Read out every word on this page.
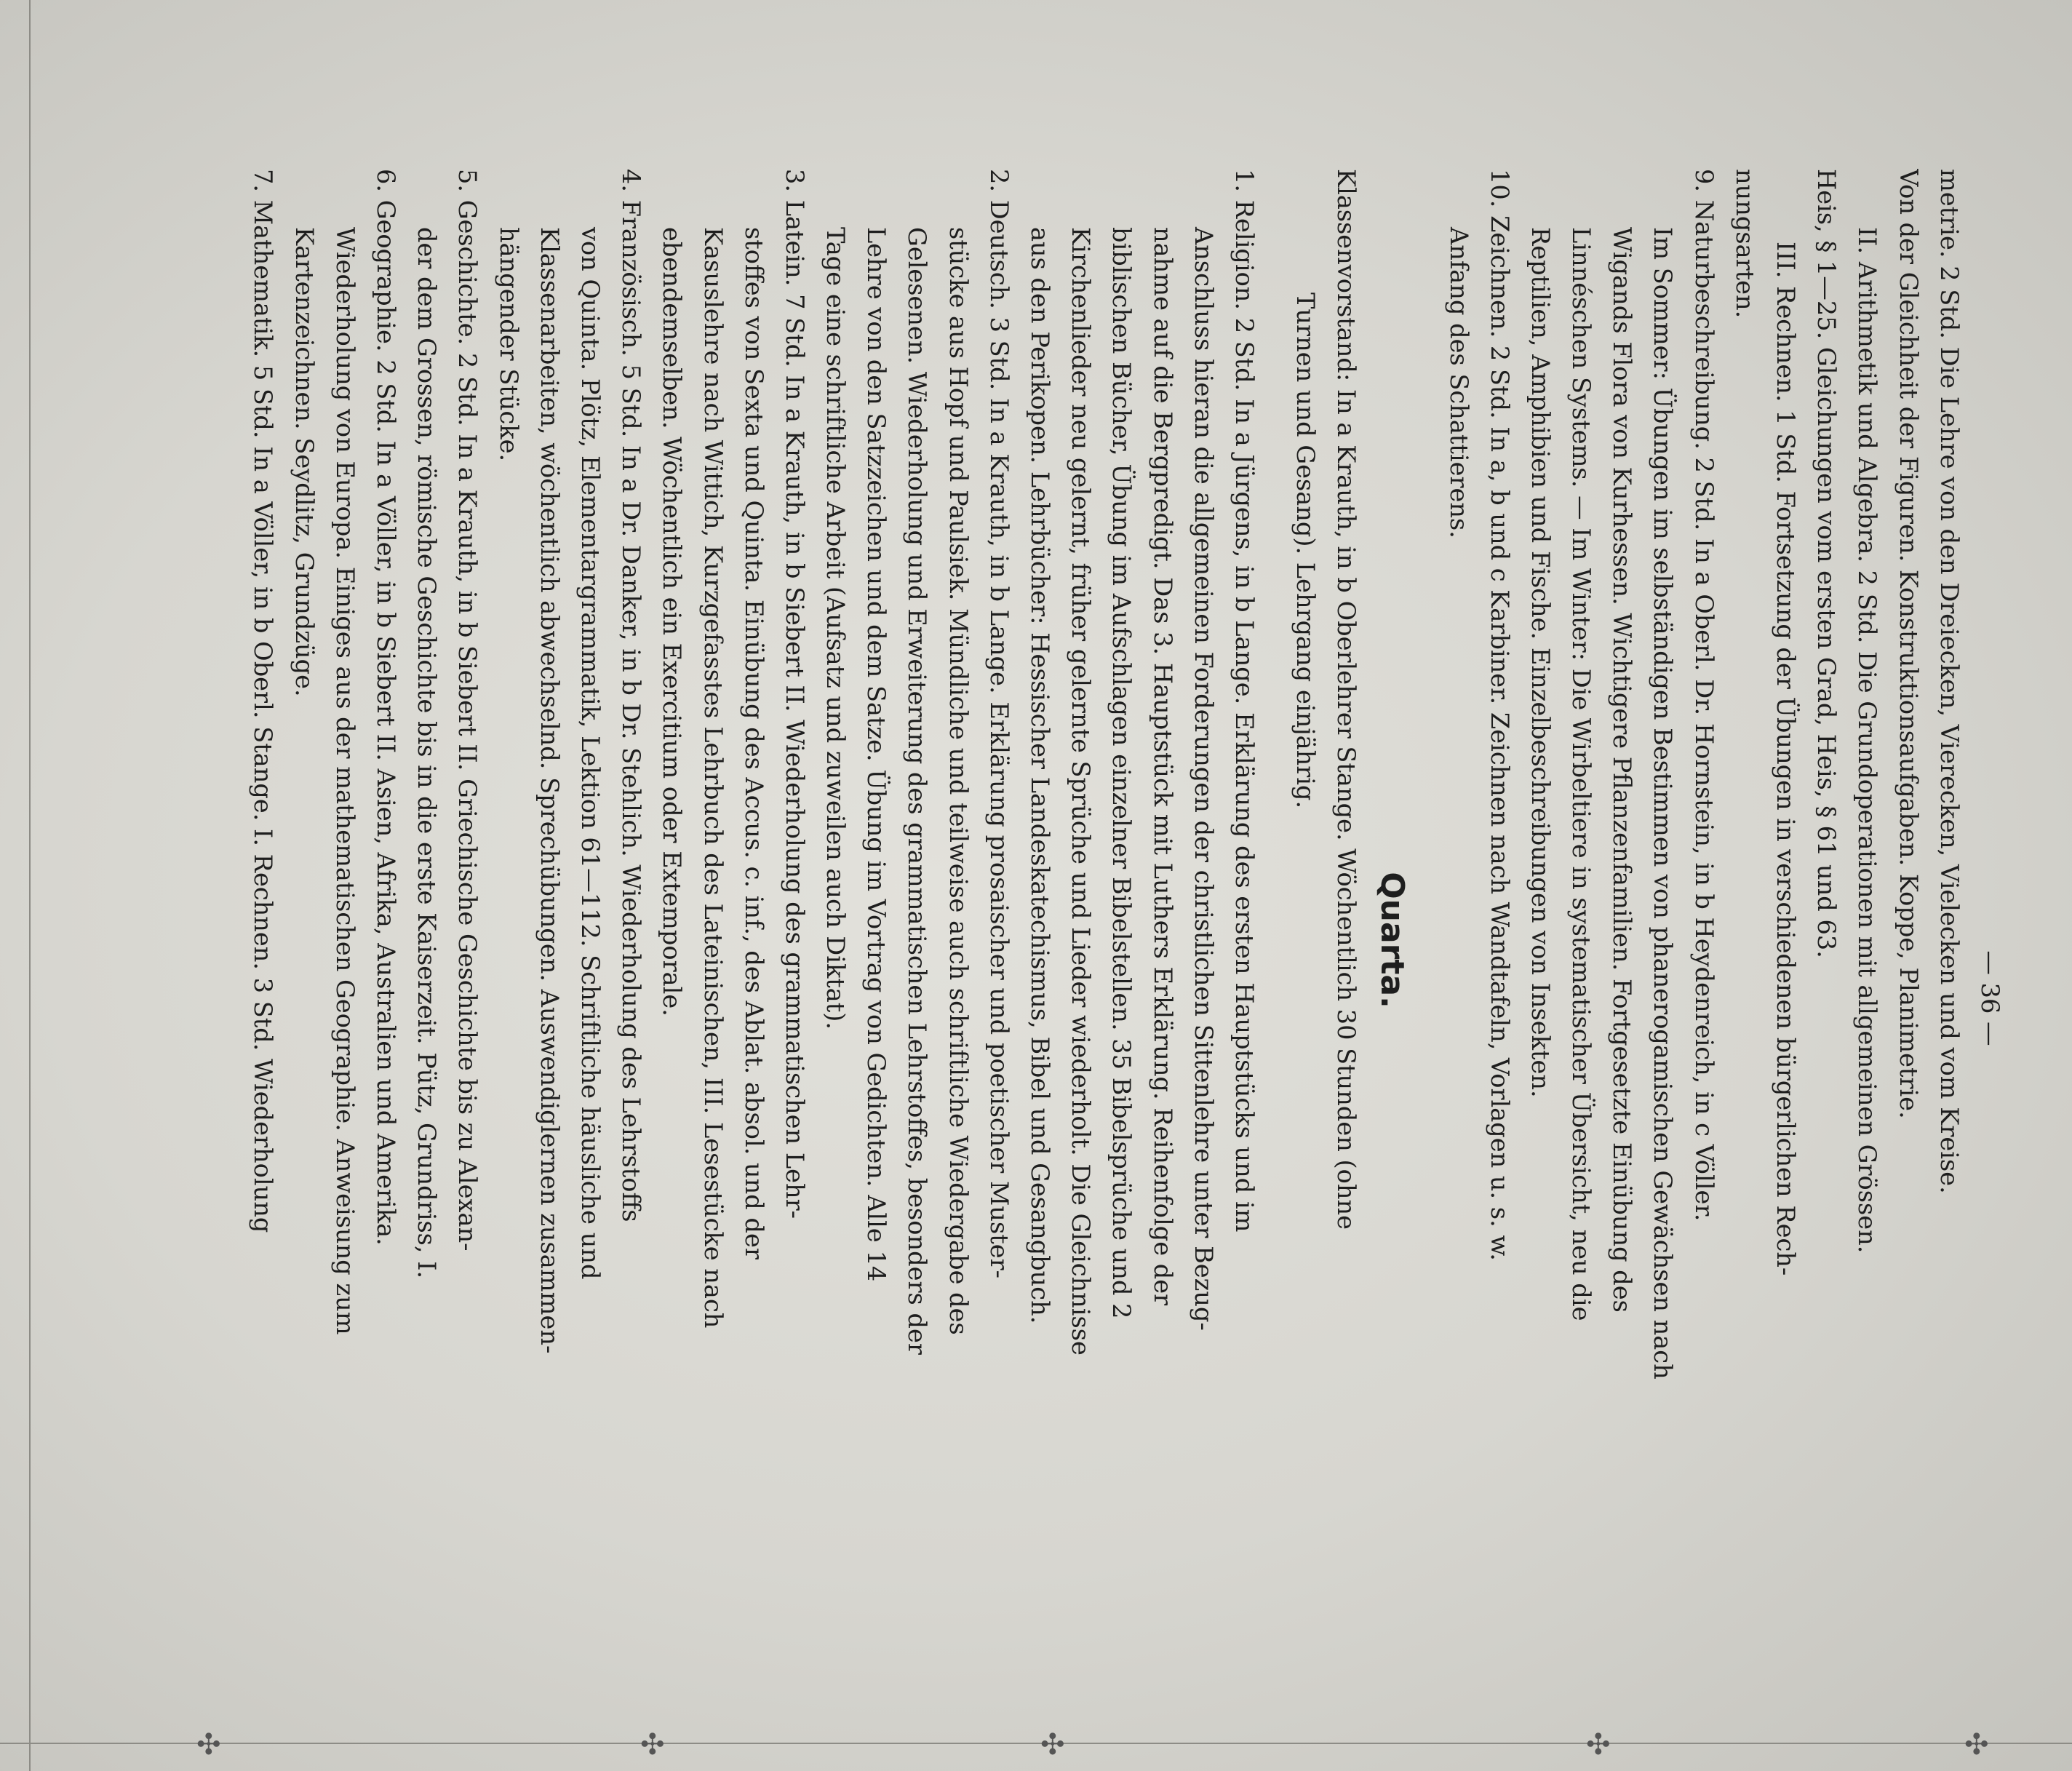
✣
✣
✣
✣
✣
— 36 —
metrie. 2 Std. Die Lehre von den Dreiecken, Vierecken, Vielecken und vom Kreise.
Von der Gleichheit der Figuren. Konstruktionsaufgaben. Koppe, Planimetrie.
II. Arithmetik und Algebra. 2 Std. Die Grundoperationen mit allgemeinen Grössen.
Heis, § 1—25. Gleichungen vom ersten Grad, Heis, § 61 und 63.
III. Rechnen. 1 Std. Fortsetzung der Übungen in verschiedenen bürgerlichen Rech-
nungsarten.
9. Naturbeschreibung. 2 Std. In a Oberl. Dr. Hornstein, in b Heydenreich, in c Völler.
Im Sommer: Übungen im selbständigen Bestimmen von phanerogamischen Gewächsen nach
Wigands Flora von Kurhessen. Wichtigere Pflanzenfamilien. Fortgesetzte Einübung des
Linnéschen Systems. — Im Winter: Die Wirbeltiere in systematischer Übersicht, neu die
Reptilien, Amphibien und Fische. Einzelbeschreibungen von Insekten.
10. Zeichnen. 2 Std. In a, b und c Karbiner. Zeichnen nach Wandtafeln, Vorlagen u. s. w.
Anfang des Schattierens.
Quarta.
Klassenvorstand: In a Krauth, in b Oberlehrer Stange. Wöchentlich 30 Stunden (ohne
Turnen und Gesang). Lehrgang einjährig.
1. Religion. 2 Std. In a Jürgens, in b Lange. Erklärung des ersten Hauptstücks und im
Anschluss hieran die allgemeinen Forderungen der christlichen Sittenlehre unter Bezug-
nahme auf die Bergpredigt. Das 3. Hauptstück mit Luthers Erklärung. Reihenfolge der
biblischen Bücher, Übung im Aufschlagen einzelner Bibelstellen. 35 Bibelsprüche und 2
Kirchenlieder neu gelernt, früher gelernte Sprüche und Lieder wiederholt. Die Gleichnisse
aus den Perikopen. Lehrbücher: Hessischer Landeskatechismus, Bibel und Gesangbuch.
2. Deutsch. 3 Std. In a Krauth, in b Lange. Erklärung prosaischer und poetischer Muster-
stücke aus Hopf und Paulsiek. Mündliche und teilweise auch schriftliche Wiedergabe des
Gelesenen. Wiederholung und Erweiterung des grammatischen Lehrstoffes, besonders der
Lehre von den Satzzeichen und dem Satze. Übung im Vortrag von Gedichten. Alle 14
Tage eine schriftliche Arbeit (Aufsatz und zuweilen auch Diktat).
3. Latein. 7 Std. In a Krauth, in b Siebert II. Wiederholung des grammatischen Lehr-
stoffes von Sexta und Quinta. Einübung des Accus. c. inf., des Ablat. absol. und der
Kasuslehre nach Wittich, Kurzgefasstes Lehrbuch des Lateinischen, III. Lesestücke nach
ebendemselben. Wöchentlich ein Exercitium oder Extemporale.
4. Französisch. 5 Std. In a Dr. Danker, in b Dr. Stehlich. Wiederholung des Lehrstoffs
von Quinta. Plötz, Elementargrammatik, Lektion 61—112. Schriftliche häusliche und
Klassenarbeiten, wöchentlich abwechselnd. Sprechübungen. Auswendiglernen zusammen-
hängender Stücke.
5. Geschichte. 2 Std. In a Krauth, in b Siebert II. Griechische Geschichte bis zu Alexan-
der dem Grossen, römische Geschichte bis in die erste Kaiserzeit. Pütz, Grundriss, I.
6. Geographie. 2 Std. In a Völler, in b Siebert II. Asien, Afrika, Australien und Amerika.
Wiederholung von Europa. Einiges aus der mathematischen Geographie. Anweisung zum
Kartenzeichnen. Seydlitz, Grundzüge.
7. Mathematik. 5 Std. In a Völler, in b Oberl. Stange. I. Rechnen. 3 Std. Wiederholung
